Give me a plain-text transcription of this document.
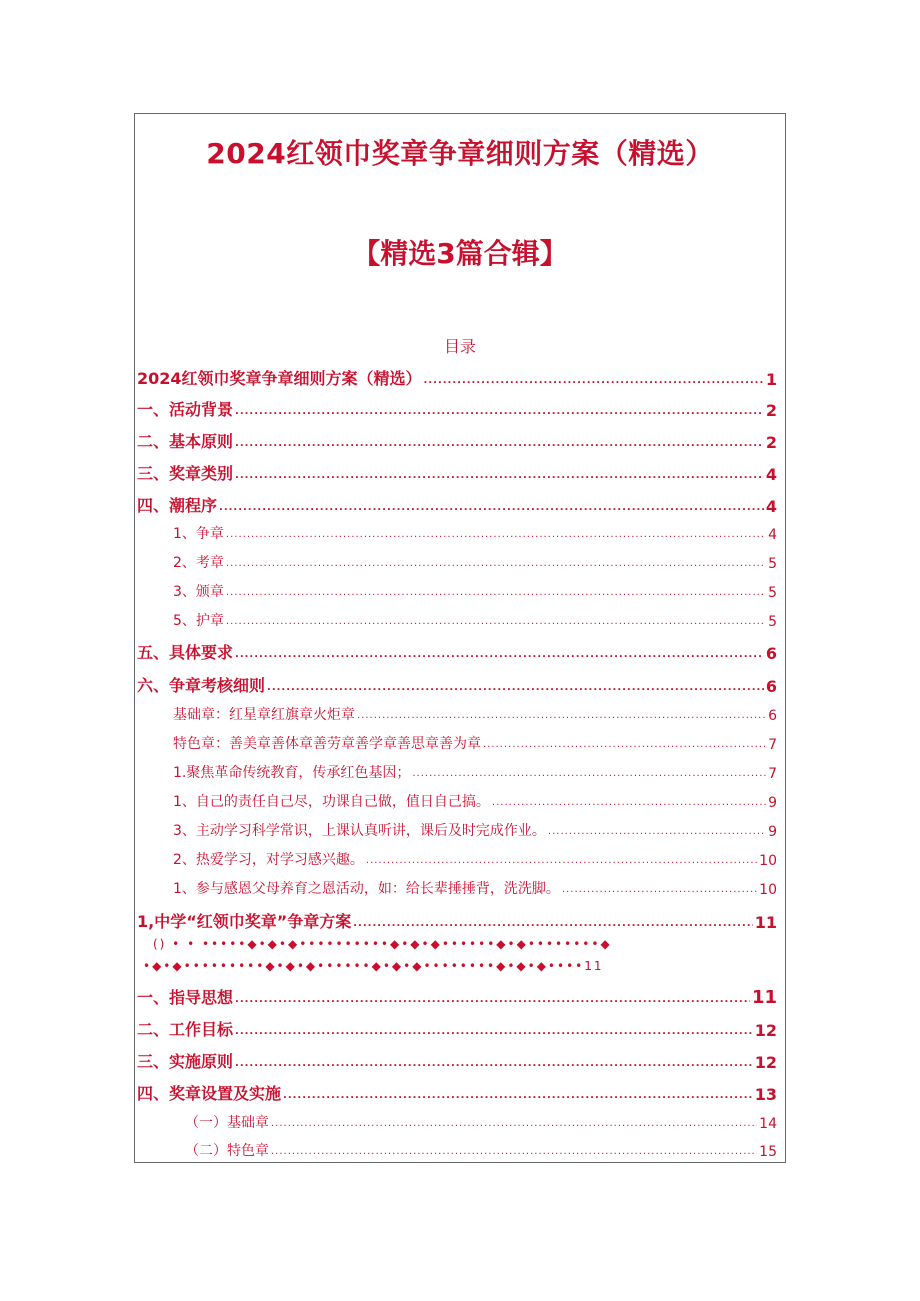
2024红领巾奖章争章细则方案（精选）
【精选3篇合辑】
目录
2024红领巾奖章争章细则方案（精选） .....	1
一、活动背景 .....	2
二、基本原则 .....	2
三、奖章类别 .....	4
四、潮程序 .....	4
1、争章 .....	4
2、考章 .....	5
3、颁章 .....	5
5、护章 .....	5
五、具体要求 .....	6
六、争章考核细则 .....	6
基础章：红星章红旗章火炬章 .....	6
特色章：善美章善体章善劳章善学章善思章善为章 .....	7
1.聚焦革命传统教育，传承红色基因； .....	7
1、自己的责任自己尽，功课自己做，值日自己搞。 .....	9
3、主动学习科学常识，上课认真听讲，课后及时完成作业。 .....	9
2、热爱学习，对学习感兴趣。 .....	10
1、参与感恩父母养育之恩活动，如：给长辈捶捶背，洗洗脚。 .....	10
1,中学“红领巾奖章”争章方案 .....	11
() • • •••••◆•◆•◆••••••••••◆•◆•◆••••••◆•◆••••••••◆
•◆•◆•••••••••◆•◆•◆••••••◆•◆•◆••••••••◆•◆•◆••••11
一、指导思想 .....	11
二、工作目标 .....	12
三、实施原则 .....	12
四、奖章设置及实施 .....	13
（一）基础章 .....	14
（二）特色章 .....	15
